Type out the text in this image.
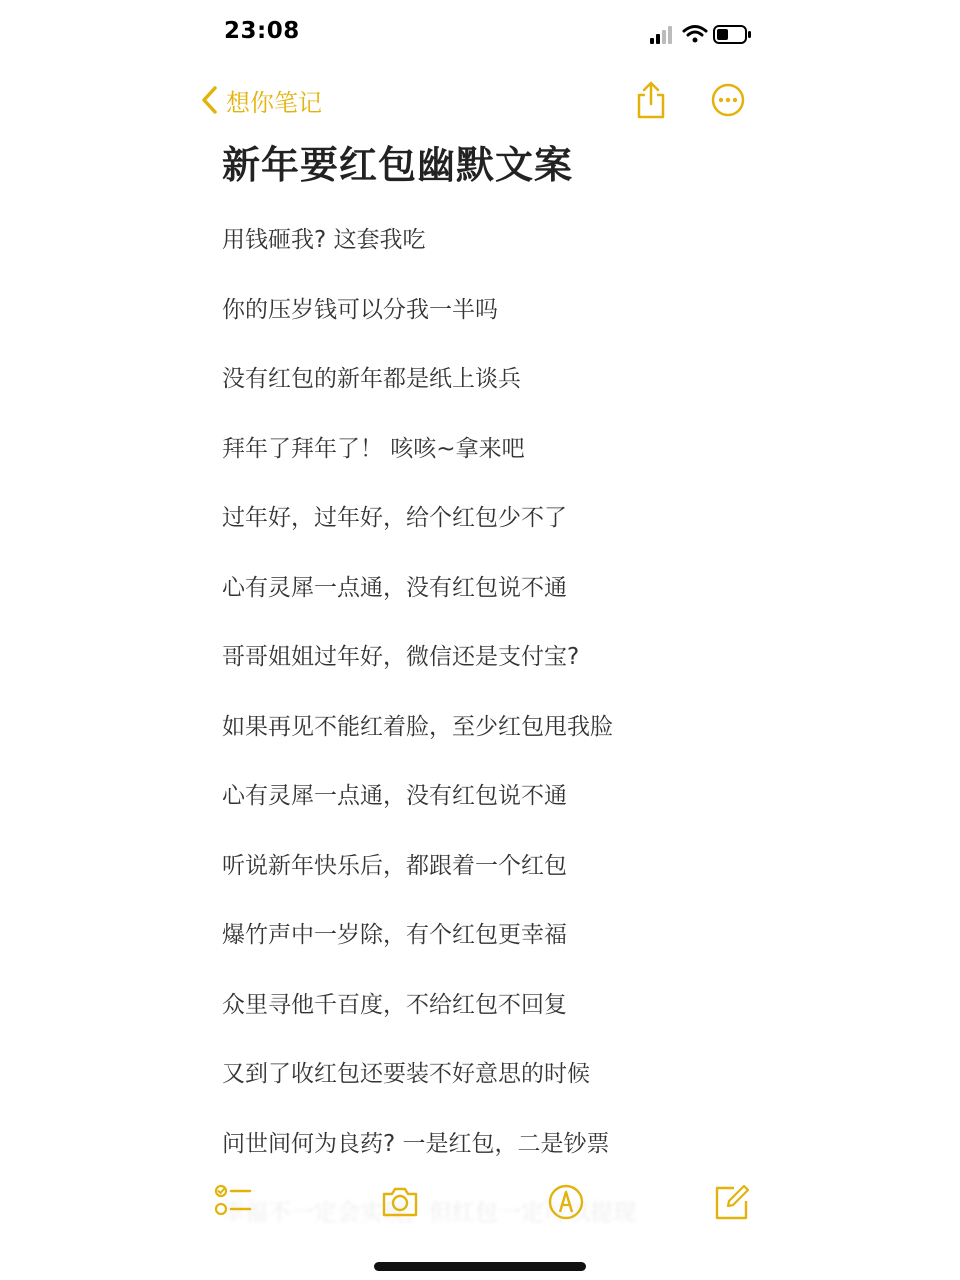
23:08
想你笔记
新年要红包幽默文案
用钱砸我? 这套我吃
你的压岁钱可以分我一半吗
没有红包的新年都是纸上谈兵
拜年了拜年了！ 咳咳~拿来吧
过年好，过年好，给个红包少不了
心有灵犀一点通，没有红包说不通
哥哥姐姐过年好，微信还是支付宝?
如果再见不能红着脸，至少红包甩我脸
心有灵犀一点通，没有红包说不通
听说新年快乐后，都跟着一个红包
爆竹声中一岁除，有个红包更幸福
众里寻他千百度，不给红包不回复
又到了收红包还要装不好意思的时候
问世间何为良药? 一是红包，二是钞票
